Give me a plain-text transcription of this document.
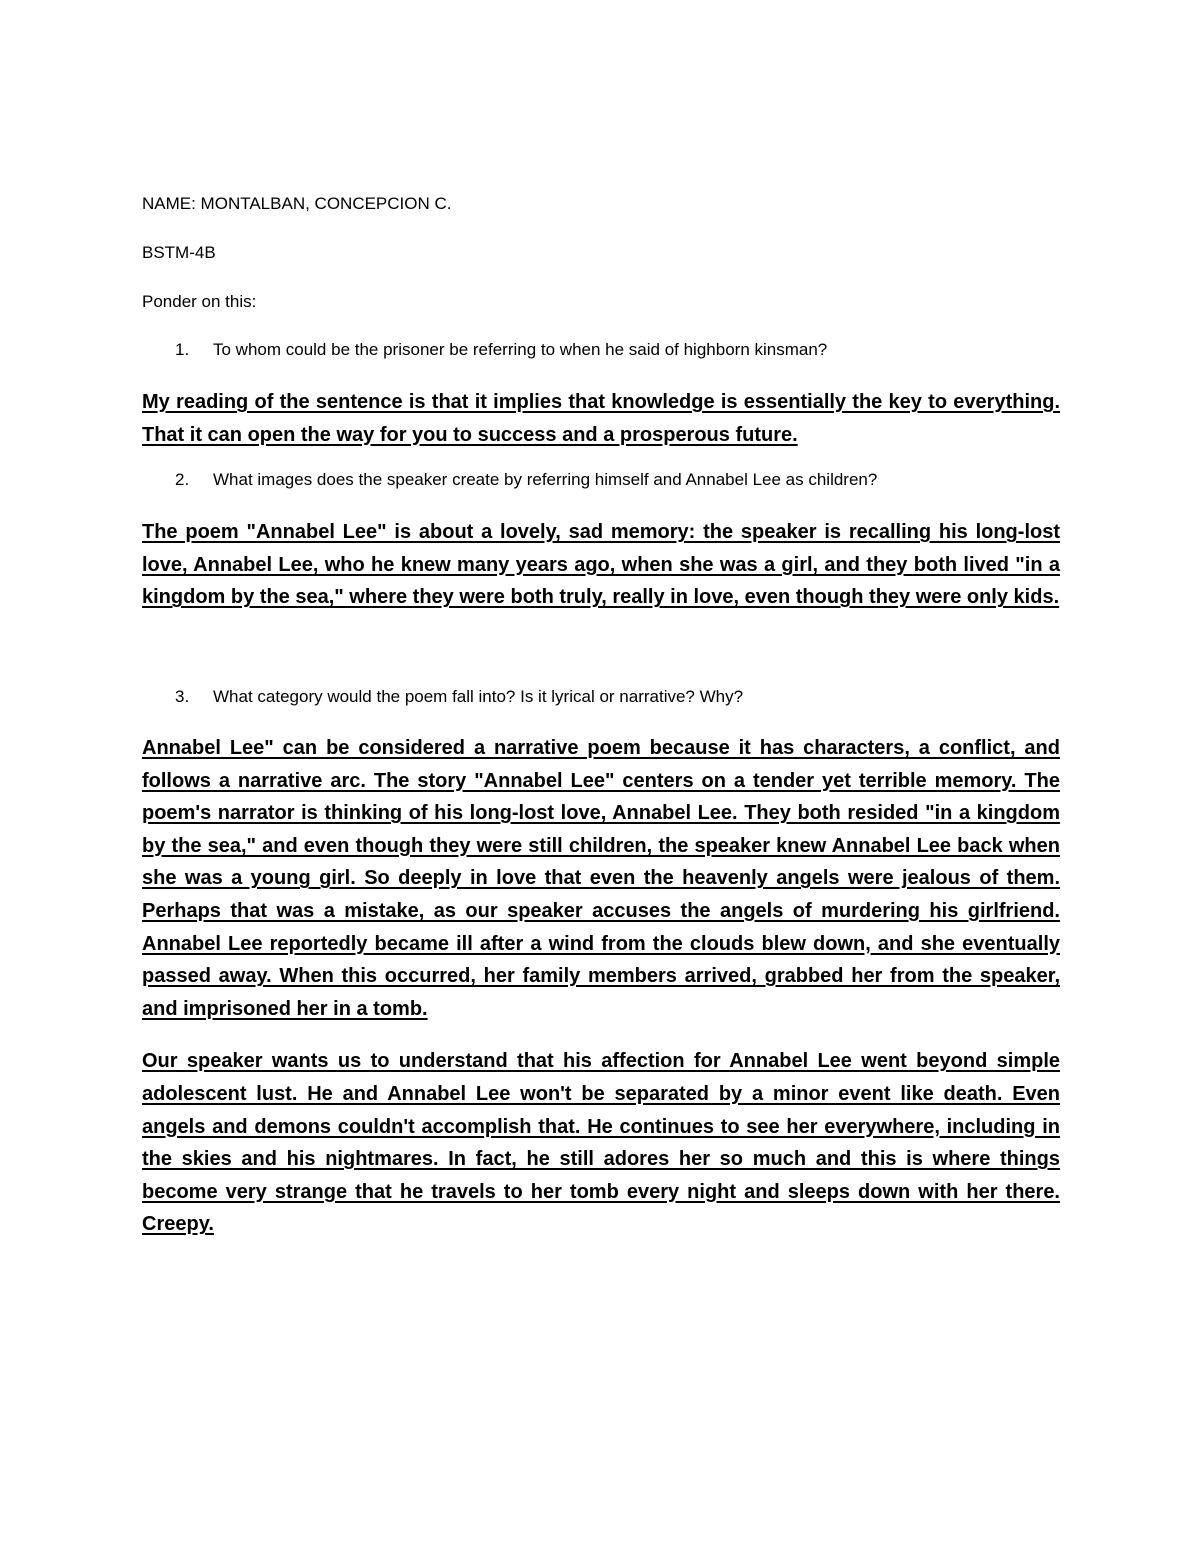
NAME: MONTALBAN, CONCEPCION C.

BSTM-4B

Ponder on this:

1.	To whom could be the prisoner be referring to when he said of highborn kinsman?

My reading of the sentence is that it implies that knowledge is essentially the key to everything. That it can open the way for you to success and a prosperous future.

2.	What images does the speaker create by referring himself and Annabel Lee as children?

The poem "Annabel Lee" is about a lovely, sad memory: the speaker is recalling his long-lost love, Annabel Lee, who he knew many years ago, when she was a girl, and they both lived "in a kingdom by the sea," where they were both truly, really in love, even though they were only kids.

3.	What category would the poem fall into? Is it lyrical or narrative? Why?

Annabel Lee" can be considered a narrative poem because it has characters, a conflict, and follows a narrative arc. The story "Annabel Lee" centers on a tender yet terrible memory. The poem's narrator is thinking of his long-lost love, Annabel Lee. They both resided "in a kingdom by the sea," and even though they were still children, the speaker knew Annabel Lee back when she was a young girl. So deeply in love that even the heavenly angels were jealous of them. Perhaps that was a mistake, as our speaker accuses the angels of murdering his girlfriend. Annabel Lee reportedly became ill after a wind from the clouds blew down, and she eventually passed away. When this occurred, her family members arrived, grabbed her from the speaker, and imprisoned her in a tomb.

Our speaker wants us to understand that his affection for Annabel Lee went beyond simple adolescent lust. He and Annabel Lee won't be separated by a minor event like death. Even angels and demons couldn't accomplish that. He continues to see her everywhere, including in the skies and his nightmares. In fact, he still adores her so much and this is where things become very strange that he travels to her tomb every night and sleeps down with her there. Creepy.
